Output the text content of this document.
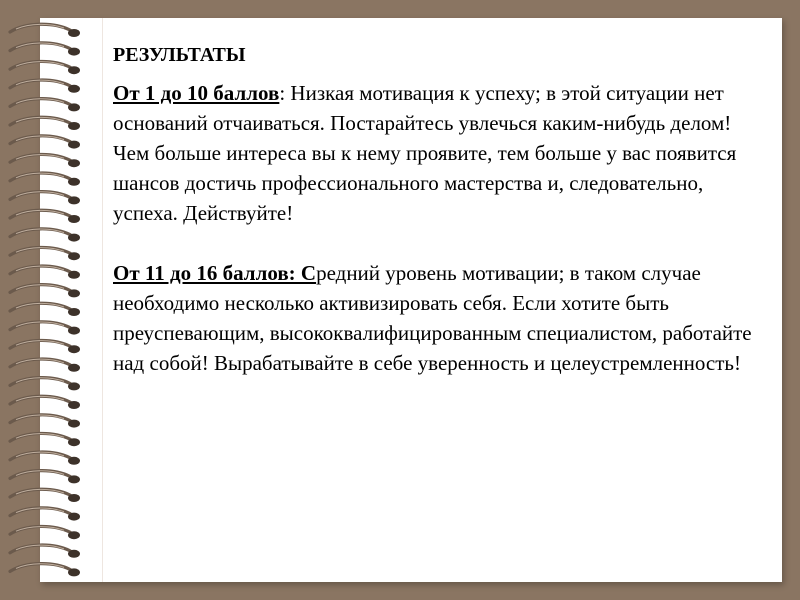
РЕЗУЛЬТАТЫ

От 1 до 10 баллов: Низкая мотивация к успеху; в этой ситуации нет оснований отчаиваться. Постарайтесь увлечься каким-нибудь делом! Чем больше интереса вы к нему проявите, тем больше у вас появится шансов достичь профессионального мастерства и, следовательно, успеха. Действуйте!

От 11 до 16 баллов: Средний уровень мотивации; в таком случае необходимо несколько активизировать себя. Если хотите быть преуспевающим, высококвалифицированным специалистом, работайте над собой! Вырабатывайте в себе уверенность и целеустремленность!
